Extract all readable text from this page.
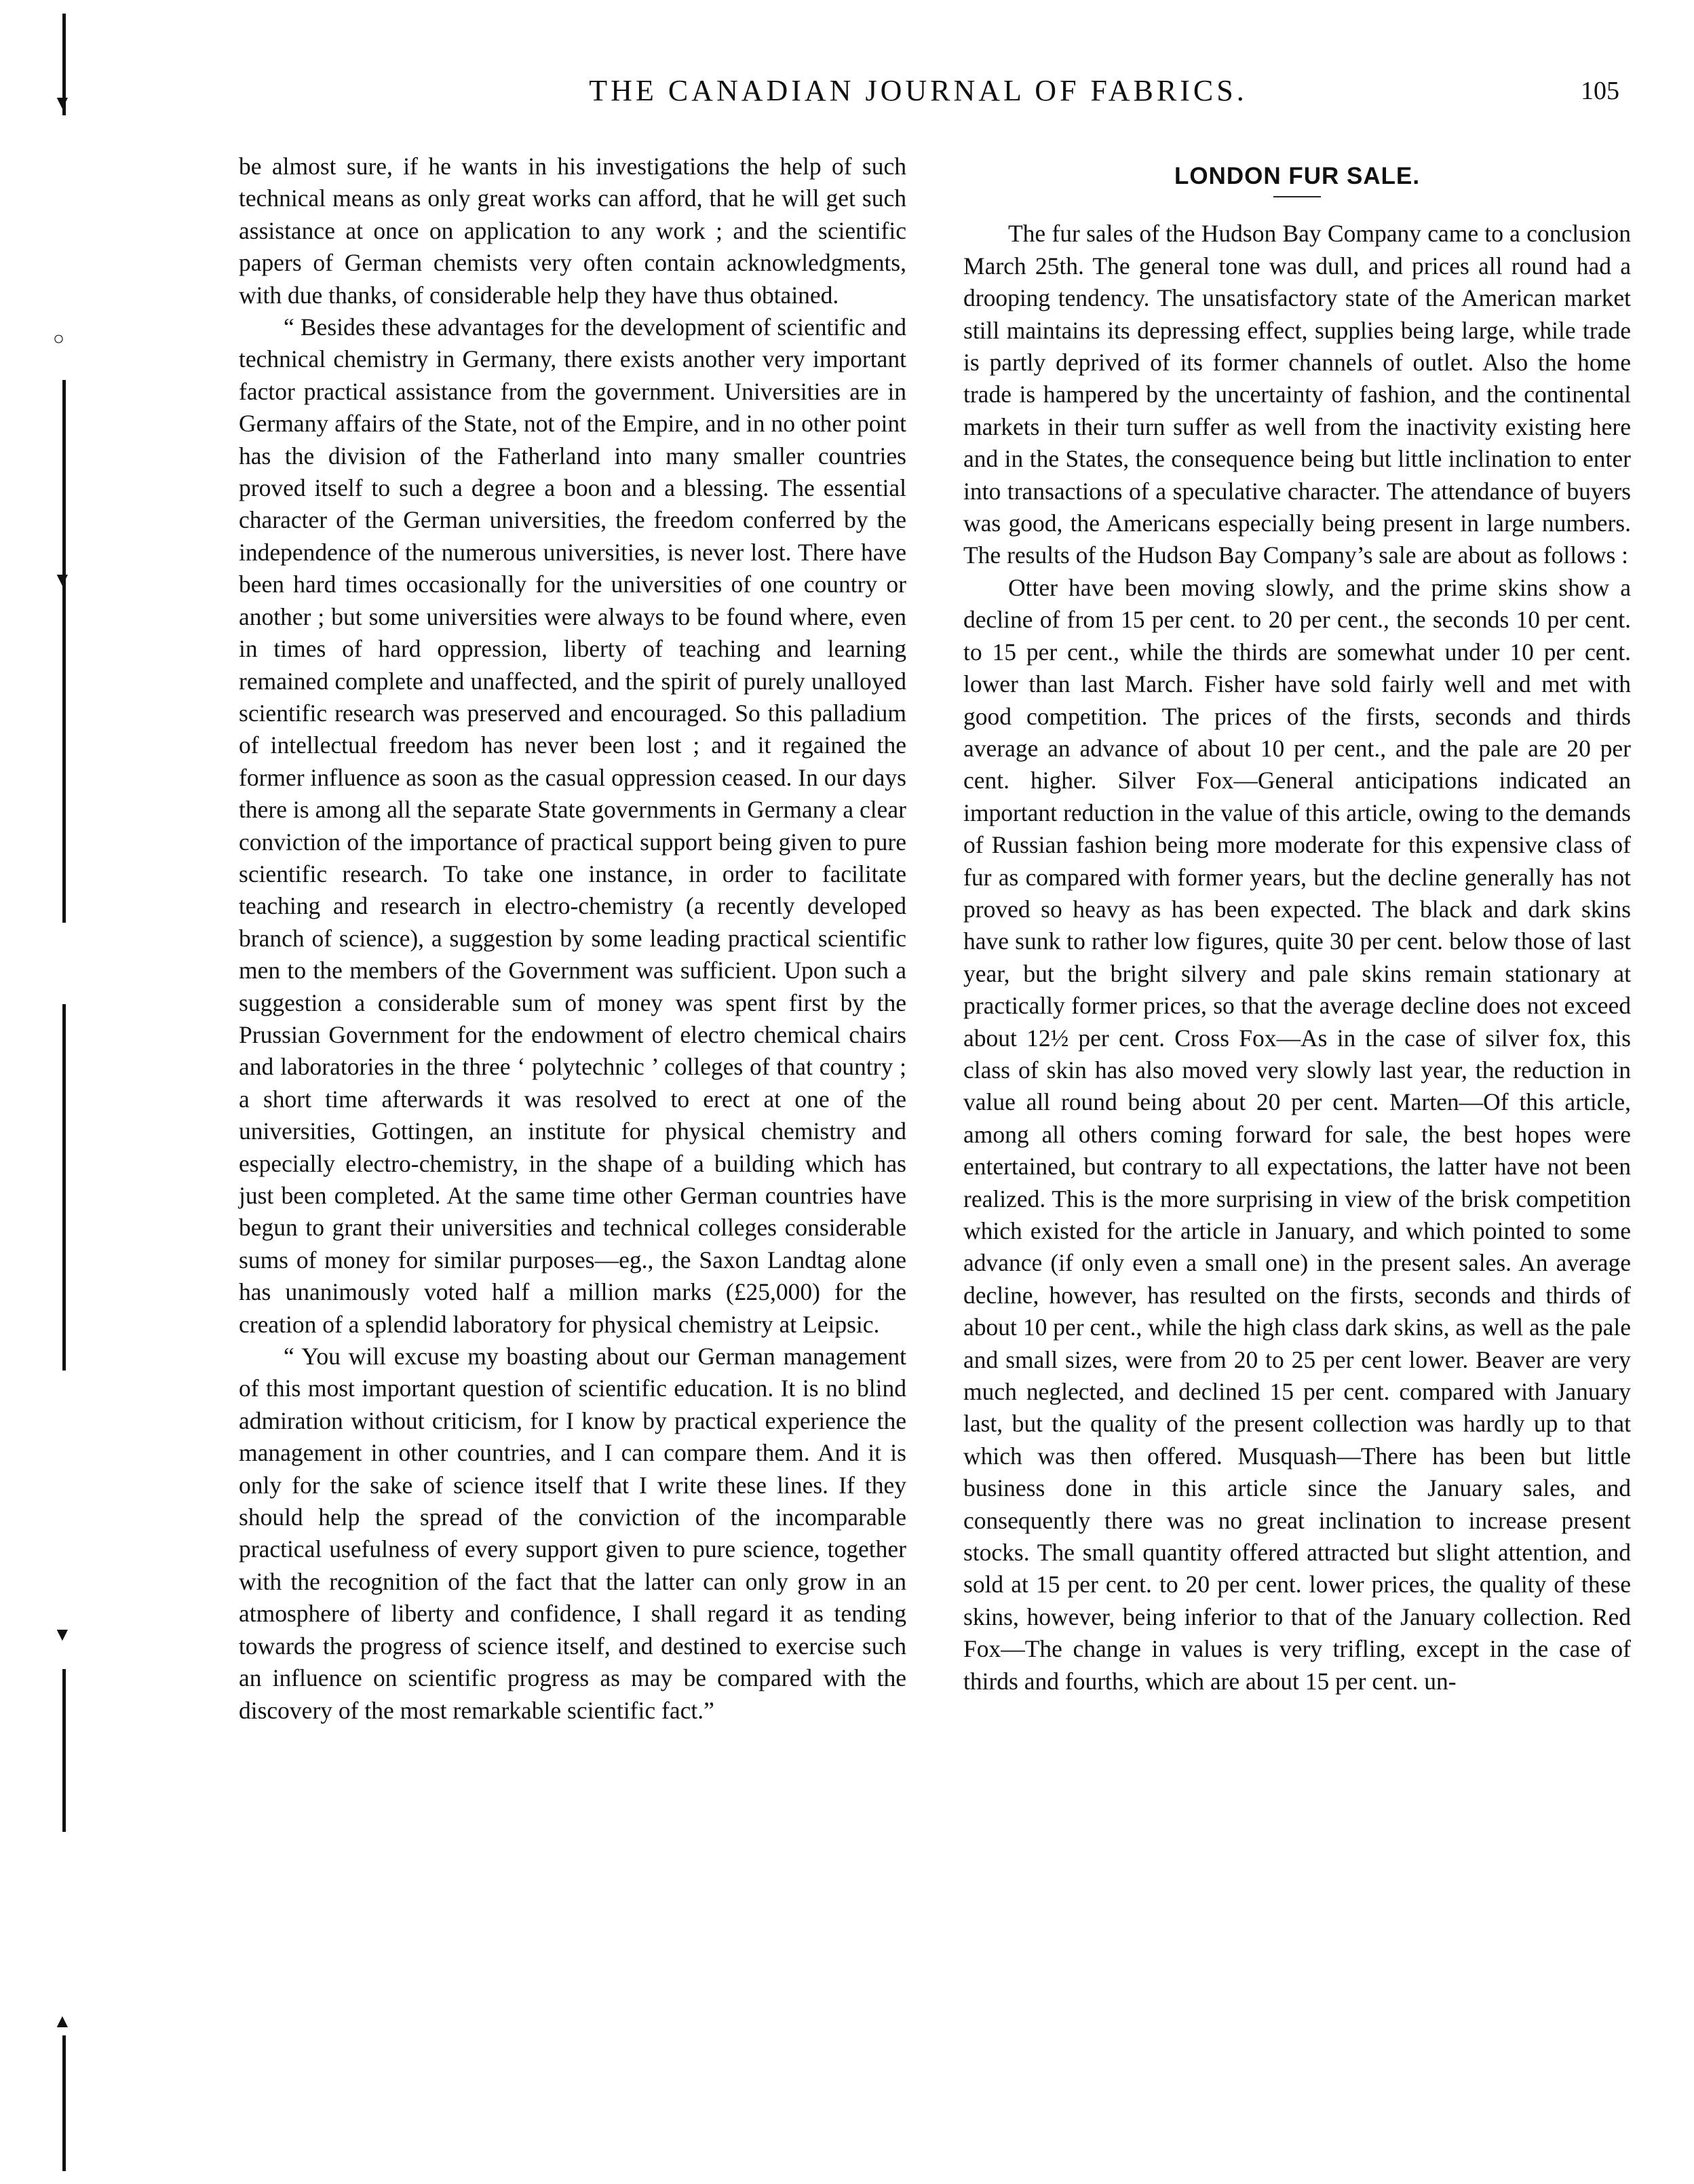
▼
○
▼
▼
▲
THE CANADIAN JOURNAL OF FABRICS.	105

be almost sure, if he wants in his investigations the help of such technical means as only great works can afford, that he will get such assistance at once on application to any work ; and the scientific papers of German chemists very often contain acknowledgments, with due thanks, of considerable help they have thus obtained.

“ Besides these advantages for the development of scientific and technical chemistry in Germany, there exists another very important factor practical assistance from the government. Universities are in Germany affairs of the State, not of the Empire, and in no other point has the division of the Fatherland into many smaller countries proved itself to such a degree a boon and a blessing. The essential character of the German universities, the freedom conferred by the independence of the numerous universities, is never lost. There have been hard times occasionally for the universities of one country or another ; but some universities were always to be found where, even in times of hard oppression, liberty of teaching and learning remained complete and unaffected, and the spirit of purely unalloyed scientific research was preserved and encouraged. So this palladium of intellectual freedom has never been lost ; and it regained the former influence as soon as the casual oppression ceased. In our days there is among all the separate State governments in Germany a clear conviction of the importance of practical support being given to pure scientific research. To take one instance, in order to facilitate teaching and research in electro-chemistry (a recently developed branch of science), a suggestion by some leading practical scientific men to the members of the Government was sufficient. Upon such a suggestion a considerable sum of money was spent first by the Prussian Government for the endowment of electro chemical chairs and laboratories in the three ‘ polytechnic ’ colleges of that country ; a short time afterwards it was resolved to erect at one of the universities, Gottingen, an institute for physical chemistry and especially electro-chemistry, in the shape of a building which has just been completed. At the same time other German countries have begun to grant their universities and technical colleges considerable sums of money for similar purposes—eg., the Saxon Landtag alone has unanimously voted half a million marks (£25,000) for the creation of a splendid laboratory for physical chemistry at Leipsic.

“ You will excuse my boasting about our German management of this most important question of scientific education. It is no blind admiration without criticism, for I know by practical experience the management in other countries, and I can compare them. And it is only for the sake of science itself that I write these lines. If they should help the spread of the conviction of the incomparable practical usefulness of every support given to pure science, together with the recognition of the fact that the latter can only grow in an atmosphere of liberty and confidence, I shall regard it as tending towards the progress of science itself, and destined to exercise such an influence on scientific progress as may be compared with the discovery of the most remarkable scientific fact.”

LONDON FUR SALE.

The fur sales of the Hudson Bay Company came to a conclusion March 25th. The general tone was dull, and prices all round had a drooping tendency. The unsatisfactory state of the American market still maintains its depressing effect, supplies being large, while trade is partly deprived of its former channels of outlet. Also the home trade is hampered by the uncertainty of fashion, and the continental markets in their turn suffer as well from the inactivity existing here and in the States, the consequence being but little inclination to enter into transactions of a speculative character. The attendance of buyers was good, the Americans especially being present in large numbers. The results of the Hudson Bay Company’s sale are about as follows :

Otter have been moving slowly, and the prime skins show a decline of from 15 per cent. to 20 per cent., the seconds 10 per cent. to 15 per cent., while the thirds are somewhat under 10 per cent. lower than last March. Fisher have sold fairly well and met with good competition. The prices of the firsts, seconds and thirds average an advance of about 10 per cent., and the pale are 20 per cent. higher. Silver Fox—General anticipations indicated an important reduction in the value of this article, owing to the demands of Russian fashion being more moderate for this expensive class of fur as compared with former years, but the decline generally has not proved so heavy as has been expected. The black and dark skins have sunk to rather low figures, quite 30 per cent. below those of last year, but the bright silvery and pale skins remain stationary at practically former prices, so that the average decline does not exceed about 12½ per cent. Cross Fox—As in the case of silver fox, this class of skin has also moved very slowly last year, the reduction in value all round being about 20 per cent. Marten—Of this article, among all others coming forward for sale, the best hopes were entertained, but contrary to all expectations, the latter have not been realized. This is the more surprising in view of the brisk competition which existed for the article in January, and which pointed to some advance (if only even a small one) in the present sales. An average decline, however, has resulted on the firsts, seconds and thirds of about 10 per cent., while the high class dark skins, as well as the pale and small sizes, were from 20 to 25 per cent lower. Beaver are very much neglected, and declined 15 per cent. compared with January last, but the quality of the present collection was hardly up to that which was then offered. Musquash—There has been but little business done in this article since the January sales, and consequently there was no great inclination to increase present stocks. The small quantity offered attracted but slight attention, and sold at 15 per cent. to 20 per cent. lower prices, the quality of these skins, however, being inferior to that of the January collection. Red Fox—The change in values is very trifling, except in the case of thirds and fourths, which are about 15 per cent. un-
